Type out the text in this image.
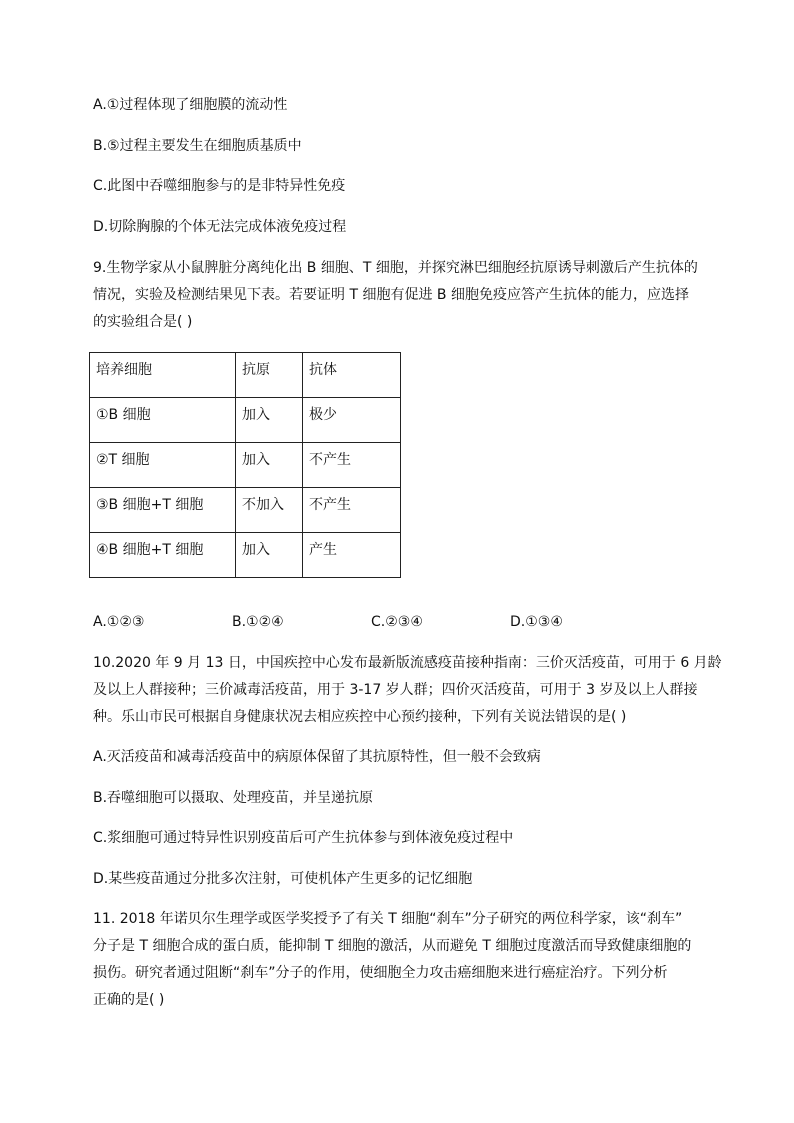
A.①过程体现了细胞膜的流动性
B.⑤过程主要发生在细胞质基质中
C.此图中吞噬细胞参与的是非特异性免疫
D.切除胸腺的个体无法完成体液免疫过程
9.生物学家从小鼠脾脏分离纯化出 B 细胞、T 细胞，并探究淋巴细胞经抗原诱导刺激后产生抗体的
情况，实验及检测结果见下表。若要证明 T 细胞有促进 B 细胞免疫应答产生抗体的能力，应选择
的实验组合是( )
培养细胞	抗原	抗体
①B 细胞	加入	极少
②T 细胞	加入	不产生
③B 细胞+T 细胞	不加入	不产生
④B 细胞+T 细胞	加入	产生
A.①②③	B.①②④	C.②③④	D.①③④
10.2020 年 9 月 13 日，中国疾控中心发布最新版流感疫苗接种指南：三价灭活疫苗，可用于 6 月龄
及以上人群接种；三价减毒活疫苗，用于 3-17 岁人群；四价灭活疫苗，可用于 3 岁及以上人群接
种。乐山市民可根据自身健康状况去相应疾控中心预约接种，下列有关说法错误的是( )
A.灭活疫苗和减毒活疫苗中的病原体保留了其抗原特性，但一般不会致病
B.吞噬细胞可以摄取、处理疫苗，并呈递抗原
C.浆细胞可通过特异性识别疫苗后可产生抗体参与到体液免疫过程中
D.某些疫苗通过分批多次注射，可使机体产生更多的记忆细胞
11. 2018 年诺贝尔生理学或医学奖授予了有关 T 细胞“刹车”分子研究的两位科学家，该“刹车”
分子是 T 细胞合成的蛋白质，能抑制 T 细胞的激活，从而避免 T 细胞过度激活而导致健康细胞的
损伤。研究者通过阻断“刹车”分子的作用，使细胞全力攻击癌细胞来进行癌症治疗。下列分析
正确的是( )
